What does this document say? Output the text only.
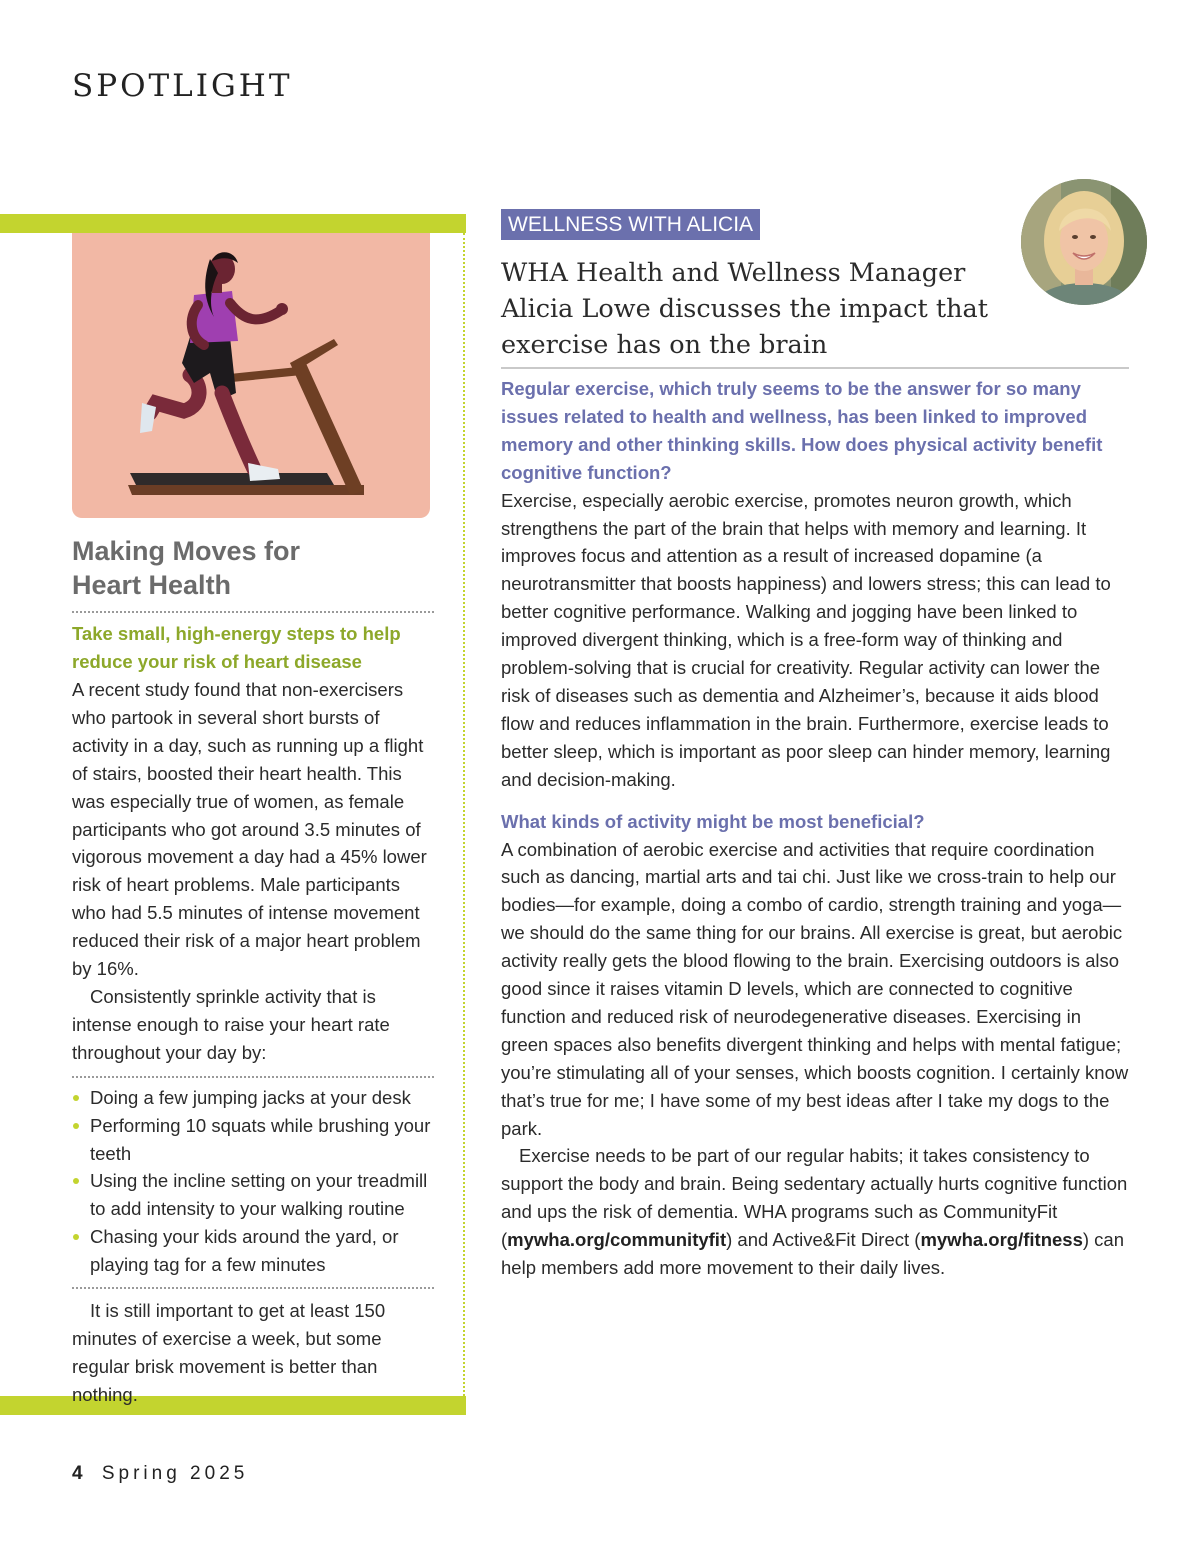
SPOTLIGHT
Making Moves for
Heart Health

Take small, high-energy steps to help reduce your risk of heart disease

A recent study found that non-exercisers who partook in several short bursts of activity in a day, such as running up a flight of stairs, boosted their heart health. This was especially true of women, as female participants who got around 3.5 minutes of vigorous movement a day had a 45% lower risk of heart problems. Male participants who had 5.5 minutes of intense movement reduced their risk of a major heart problem by 16%.

Consistently sprinkle activity that is intense enough to raise your heart rate throughout your day by:

Doing a few jumping jacks at your desk
Performing 10 squats while brushing your teeth
Using the incline setting on your treadmill to add intensity to your walking routine
Chasing your kids around the yard, or playing tag for a few minutes

It is still important to get at least 150 minutes of exercise a week, but some regular brisk movement is better than nothing.

WELLNESS WITH ALICIA
WHA Health and Wellness Manager Alicia Lowe discusses the impact that exercise has on the brain

Regular exercise, which truly seems to be the answer for so many issues related to health and wellness, has been linked to improved memory and other thinking skills. How does physical activity benefit cognitive function?

Exercise, especially aerobic exercise, promotes neuron growth, which strengthens the part of the brain that helps with memory and learning. It improves focus and attention as a result of increased dopamine (a neurotransmitter that boosts happiness) and lowers stress; this can lead to better cognitive performance. Walking and jogging have been linked to improved divergent thinking, which is a free-form way of thinking and problem-solving that is crucial for creativity. Regular activity can lower the risk of diseases such as dementia and Alzheimer’s, because it aids blood flow and reduces inflammation in the brain. Furthermore, exercise leads to better sleep, which is important as poor sleep can hinder memory, learning and decision-making.

What kinds of activity might be most beneficial?

A combination of aerobic exercise and activities that require coordination such as dancing, martial arts and tai chi. Just like we cross-train to help our bodies—for example, doing a combo of cardio, strength training and yoga—we should do the same thing for our brains. All exercise is great, but aerobic activity really gets the blood flowing to the brain. Exercising outdoors is also good since it raises vitamin D levels, which are connected to cognitive function and reduced risk of neurodegenerative diseases. Exercising in green spaces also benefits divergent thinking and helps with mental fatigue; you’re stimulating all of your senses, which boosts cognition. I certainly know that’s true for me; I have some of my best ideas after I take my dogs to the park.

Exercise needs to be part of our regular habits; it takes consistency to support the body and brain. Being sedentary actually hurts cognitive function and ups the risk of dementia. WHA programs such as CommunityFit (mywha.org/communityfit) and Active&Fit Direct (mywha.org/fitness) can help members add more movement to their daily lives.

4 Spring 2025
